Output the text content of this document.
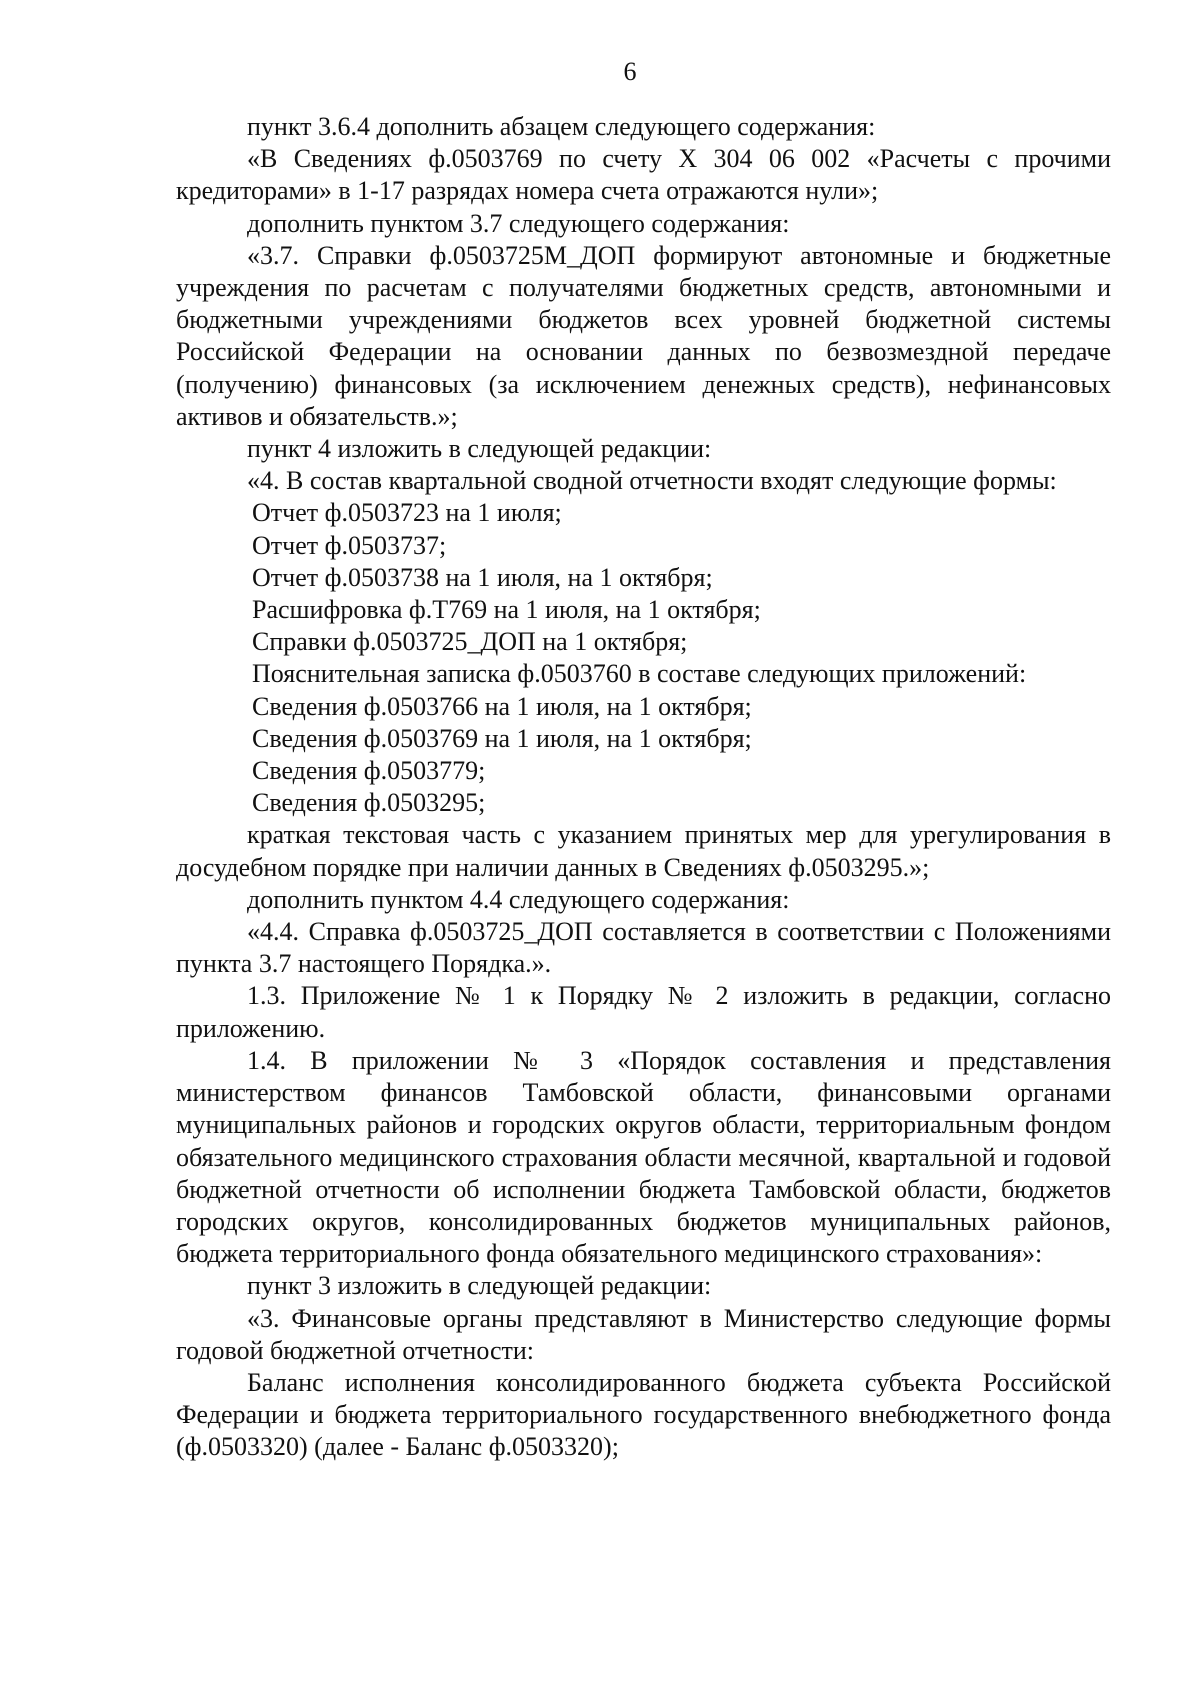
6

пункт 3.6.4 дополнить абзацем следующего содержания:

«В Сведениях ф.0503769 по счету Х 304 06 002 «Расчеты с прочими кредиторами» в 1-17 разрядах номера счета отражаются нули»;

дополнить пунктом 3.7 следующего содержания:

«3.7. Справки ф.0503725М_ДОП формируют автономные и бюджетные учреждения по расчетам с получателями бюджетных средств, автономными и бюджетными учреждениями бюджетов всех уровней бюджетной системы Российской Федерации на основании данных по безвозмездной передаче (получению) финансовых (за исключением денежных средств), нефинансовых активов и обязательств.»;

пункт 4 изложить в следующей редакции:

«4. В состав квартальной сводной отчетности входят следующие формы:

Отчет ф.0503723 на 1 июля;

Отчет ф.0503737;

Отчет ф.0503738 на 1 июля, на 1 октября;

Расшифровка ф.Т769 на 1 июля, на 1 октября;

Справки ф.0503725_ДОП на 1 октября;

Пояснительная записка ф.0503760 в составе следующих приложений:

Сведения ф.0503766 на 1 июля, на 1 октября;

Сведения ф.0503769 на 1 июля, на 1 октября;

Сведения ф.0503779;

Сведения ф.0503295;

краткая текстовая часть с указанием принятых мер для урегулирования в досудебном порядке при наличии данных в Сведениях ф.0503295.»;

дополнить пунктом 4.4 следующего содержания:

«4.4. Справка ф.0503725_ДОП составляется в соответствии с Положениями пункта 3.7 настоящего Порядка.».

1.3. Приложение № 1 к Порядку № 2 изложить в редакции, согласно приложению.

1.4. В приложении № 3 «Порядок составления и представления министерством финансов Тамбовской области, финансовыми органами муниципальных районов и городских округов области, территориальным фондом обязательного медицинского страхования области месячной, квартальной и годовой бюджетной отчетности об исполнении бюджета Тамбовской области, бюджетов городских округов, консолидированных бюджетов муниципальных районов, бюджета территориального фонда обязательного медицинского страхования»:

пункт 3 изложить в следующей редакции:

«3. Финансовые органы представляют в Министерство следующие формы годовой бюджетной отчетности:

Баланс исполнения консолидированного бюджета субъекта Российской Федерации и бюджета территориального государственного внебюджетного фонда (ф.0503320) (далее - Баланс ф.0503320);
